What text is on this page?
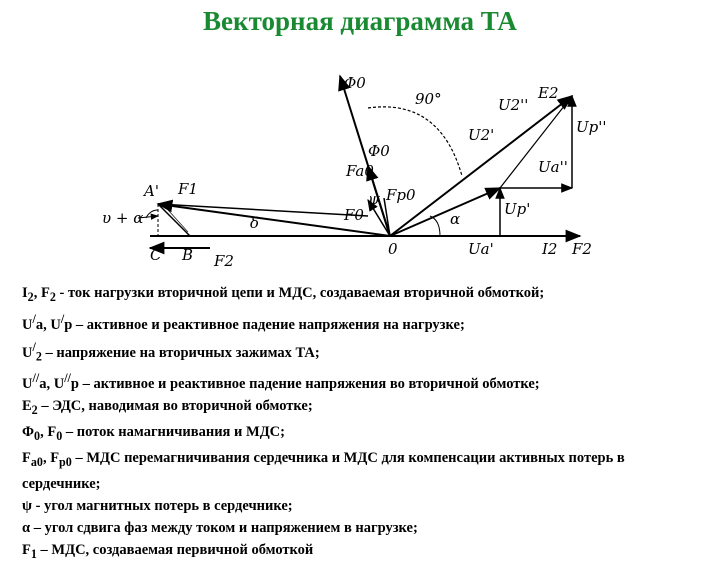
Векторная диаграмма ТА
Φ0
90°	U2''
E2
Up''
U2'
Φ0
Ua''
Fa0
ψ Fp0
A' F1
υ + α	δ	F0	α
Up'
C B F2
0	Ua'	I2 F2
$I_2$, $F_2$ - ток нагрузки вторичной цепи и МДС, создаваемая вторичной обмоткой;
U/a, U/p – активное и реактивное падение напряжения на нагрузке;
$U^/_2$ – напряжение на вторичных зажимах ТА;
U//a, U//p – активное и реактивное падение напряжения во вторичной обмотке;
$E_2$ – ЭДС, наводимая во вторичной обмотке;
$\Phi_0$, $F_0$ – поток намагничивания и МДС;
$F_{a0}$, $F_{p0}$ – МДС перемагничивания сердечника и МДС для компенсации активных потерь в сердечнике;
ψ - угол магнитных потерь в сердечнике;
α – угол сдвига фаз между током и напряжением в нагрузке;
$F_1$ – МДС, создаваемая первичной обмоткой
